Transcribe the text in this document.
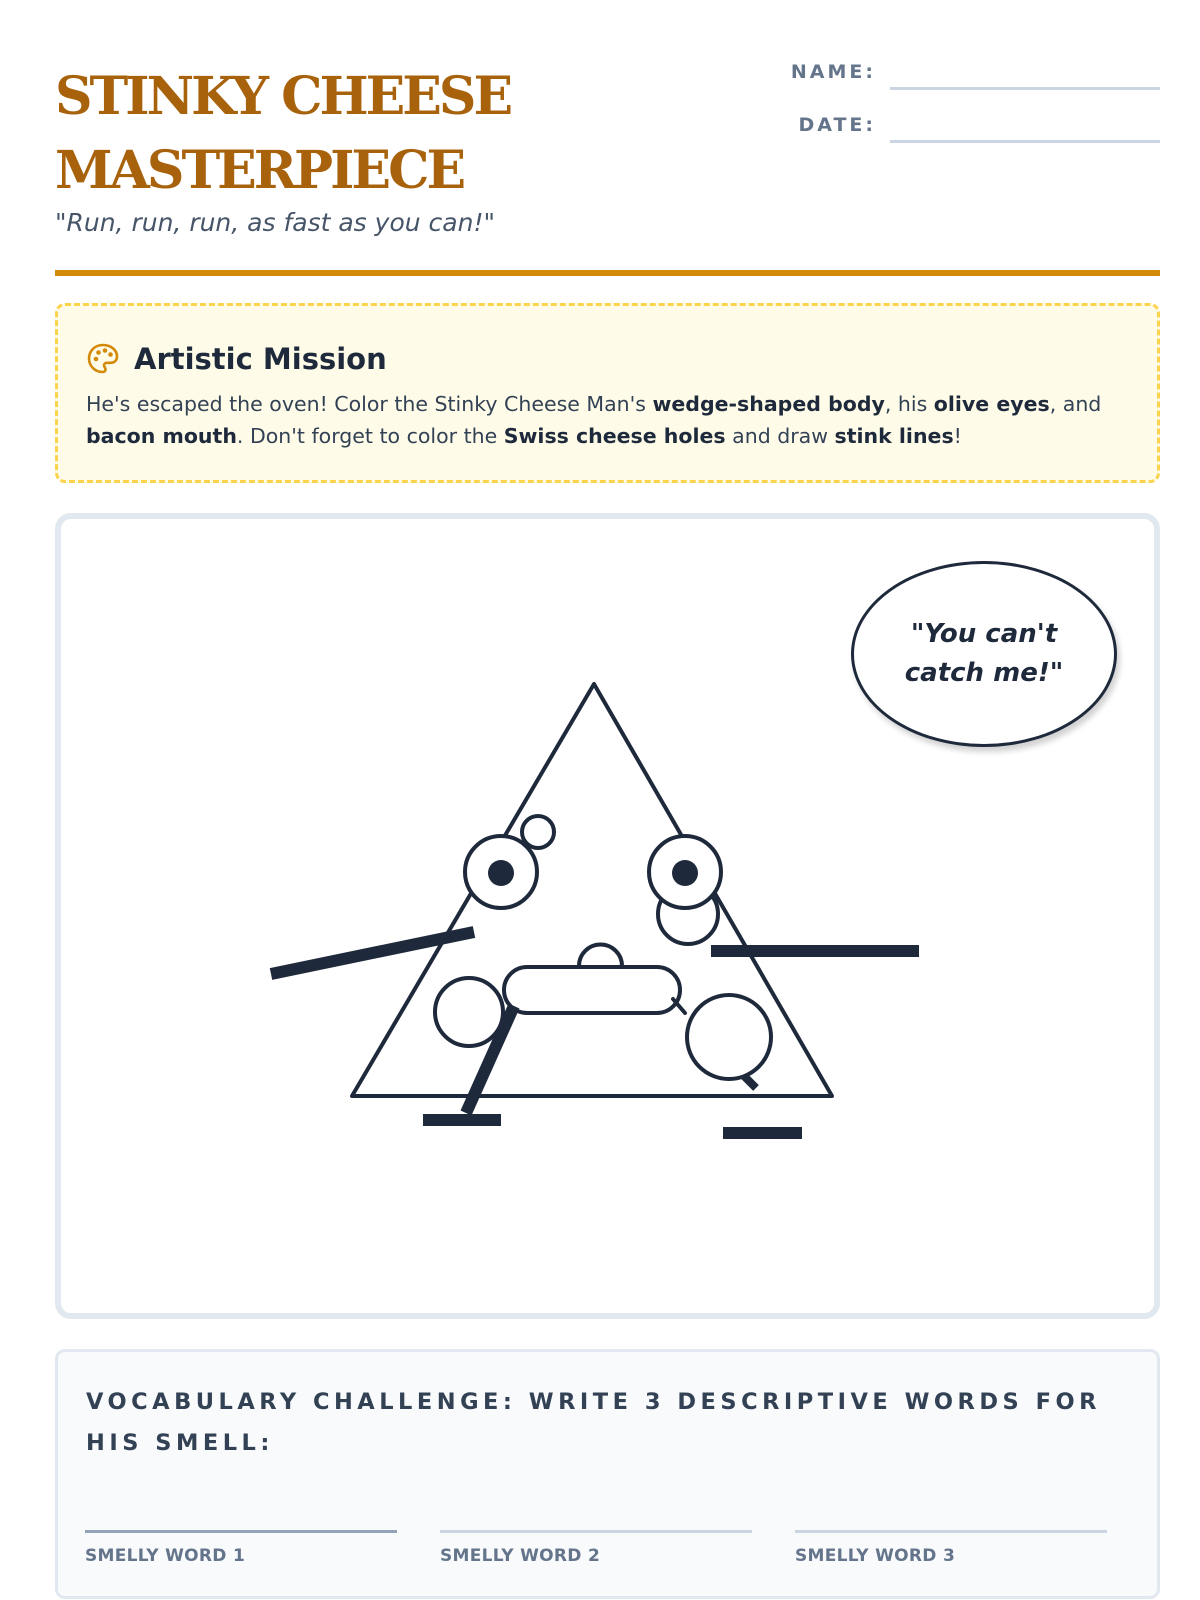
STINKY CHEESE
MASTERPIECE
"Run, run, run, as fast as you can!"
NAME:
DATE:
Artistic Mission
He's escaped the oven! Color the Stinky Cheese Man's wedge-shaped body, his olive eyes, and bacon mouth. Don't forget to color the Swiss cheese holes and draw stink lines!
"You can't catch me!"
VOCABULARY CHALLENGE: WRITE 3 DESCRIPTIVE WORDS FOR HIS SMELL:
SMELLY WORD 1	SMELLY WORD 2	SMELLY WORD 3
